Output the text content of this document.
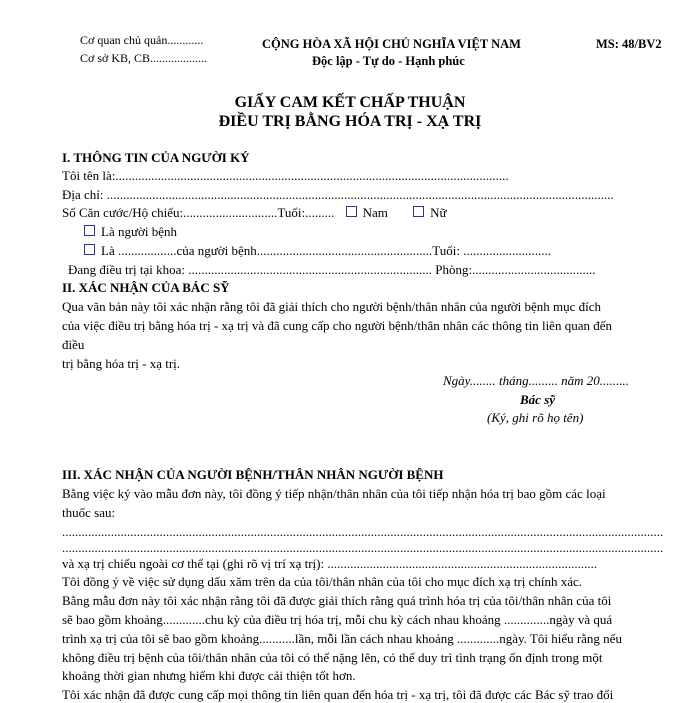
Cơ quan chủ quản............
Cơ sở KB, CB...................
CỘNG HÒA XÃ HỘI CHỦ NGHĨA VIỆT NAM
Độc lập - Tự do - Hạnh phúc
MS: 48/BV2
GIẤY CAM KẾT CHẤP THUẬN
ĐIỀU TRỊ BẰNG HÓA TRỊ - XẠ TRỊ
I. THÔNG TIN CỦA NGƯỜI KÝ
Tôi tên là:.........................................................................................................................
Địa chỉ: ............................................................................................................................................................
Số Căn cước/Hộ chiếu:.............................Tuổi:......... Nam	Nữ
Là người bệnh
Là ..................của người bệnh......................................................Tuổi: ...........................
Đang điều trị tại khoa: ........................................................................... Phòng:......................................
II. XÁC NHẬN CỦA BÁC SỸ
Qua văn bản này tôi xác nhận rằng tôi đã giải thích cho người bệnh/thân nhân của người bệnh mục đích
của việc điều trị bằng hóa trị - xạ trị và đã cung cấp cho người bệnh/thân nhân các thông tin liên quan đến
điều
trị bằng hóa trị - xạ trị.
Ngày........ tháng......... năm 20.........
Bác sỹ
(Ký, ghi rõ họ tên)
III. XÁC NHẬN CỦA NGƯỜI BỆNH/THÂN NHÂN NGƯỜI BỆNH
Bằng việc ký vào mẫu đơn này, tôi đồng ý tiếp nhận/thân nhân của tôi tiếp nhận hóa trị bao gồm các loại
thuốc sau:
.........................................................................................................................................................................................
.........................................................................................................................................................................................
và xạ trị chiếu ngoài cơ thể tại (ghi rõ vị trí xạ trị): ...................................................................................
Tôi đồng ý về việc sử dụng dấu xăm trên da của tôi/thân nhân của tôi cho mục đích xạ trị chính xác.
Bằng mẫu đơn này tôi xác nhận rằng tôi đã được giải thích rằng quá trình hóa trị của tôi/thân nhân của tôi
sẽ bao gồm khoảng.............chu kỳ của điều trị hóa trị, mỗi chu kỳ cách nhau khoảng ..............ngày và quá
trình xạ trị của tôi sẽ bao gồm khoảng...........lần, mỗi lần cách nhau khoảng .............ngày. Tôi hiểu rằng nếu
không điều trị bệnh của tôi/thân nhân của tôi có thể nặng lên, có thể duy trì tình trạng ổn định trong một
khoảng thời gian nhưng hiếm khi được cải thiện tốt hơn.
Tôi xác nhận đã được cung cấp mọi thông tin liên quan đến hóa trị - xạ trị, tôi đã được các Bác sỹ trao đổi
